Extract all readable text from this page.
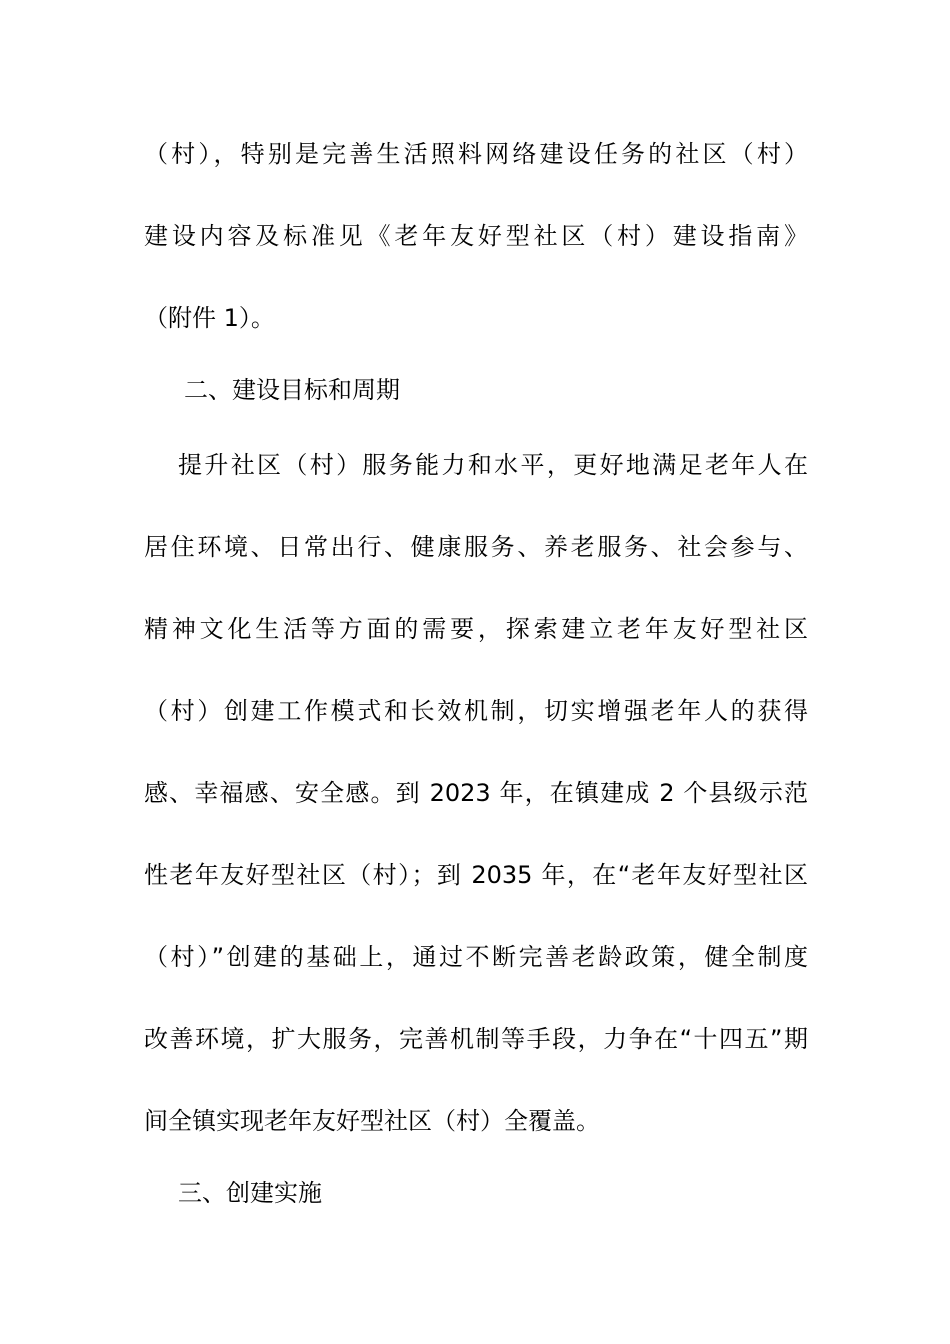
（村），特别是完善生活照料网络建设任务的社区（村）
建设内容及标准见《老年友好型社区（村）建设指南》
（附件 1）。
二、建设目标和周期
提升社区（村）服务能力和水平，更好地满足老年人在
居住环境、日常出行、健康服务、养老服务、社会参与、
精神文化生活等方面的需要，探索建立老年友好型社区
（村）创建工作模式和长效机制，切实增强老年人的获得
感、幸福感、安全感。到 2023 年，在镇建成 2 个县级示范
性老年友好型社区（村）；到 2035 年，在“老年友好型社区
（村）”创建的基础上，通过不断完善老龄政策，健全制度
改善环境，扩大服务，完善机制等手段，力争在“十四五”期
间全镇实现老年友好型社区（村）全覆盖。
三、创建实施
